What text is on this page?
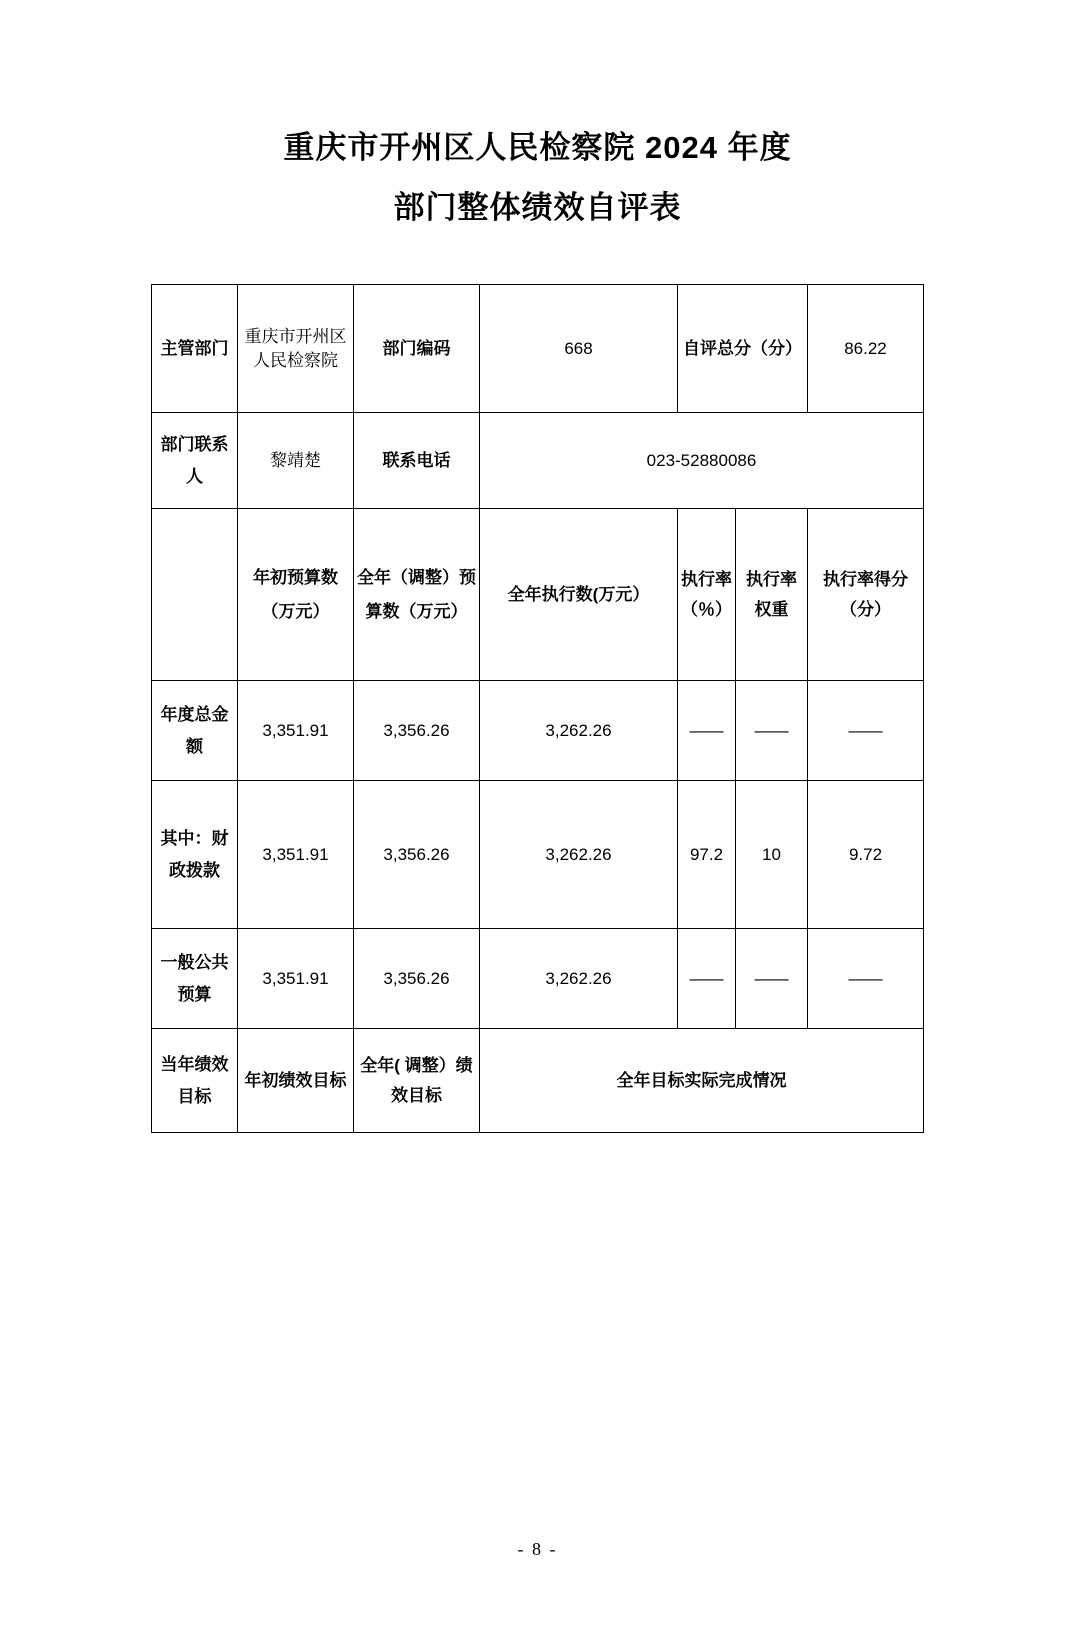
重庆市开州区人民检察院 2024 年度
部门整体绩效自评表
主管部门	重庆市开州区人民检察院	部门编码	668	自评总分（分）		86.22
部门联系人	黎靖楚	联系电话	023-52880086			
	年初预算数（万元）	全年（调整）预算数（万元）	全年执行数(万元）	执行率（％）	执行率权重	执行率得分 （分）
年度总金额	3,351.91	3,356.26	3,262.26	——	——	——
其中：财政拨款	3,351.91	3,356.26	3,262.26	97.2	10	9.72
一般公共预算	3,351.91	3,356.26	3,262.26	——	——	——
当年绩效目标	年初绩效目标	全年( 调整）绩效目标	全年目标实际完成情况			
- 8 -
